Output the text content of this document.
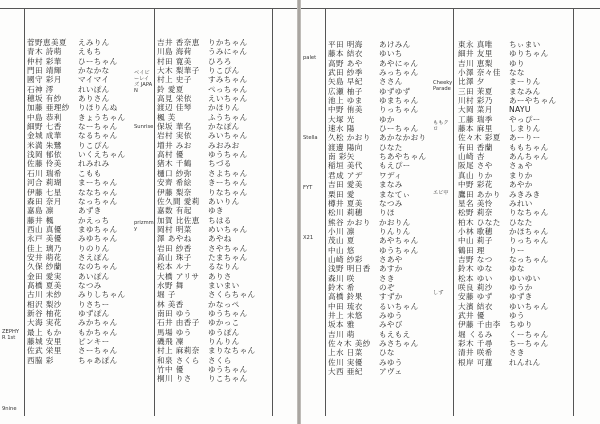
菅野恵美夏	えみりん
青木 詩萌	えもち
仲村 彩華	ひーちゃん
門田 靖輝	かなかな
國守 彩月	マイマイ
石神 澪	れいぽん
穂坂 有紗	ありさん
加藤 亜理紗	りほりんぬ
中島 恭利	きょうちゃん
細野 七香	なーちゃん
金城 成華	なるちゃん
米満 朱鷺	りこぴん
浅岡 郁依	いくえちゃん
佐藤 伶美	れみれみ
石川 瑞希	こもも
河合 莉瑚	まーちゃん
伊藤 七星	ななちゃん
森田 奈月	なっちゃん
嘉島 凛	あずき
藤井 楓	かえっち
西山 真優	まゆちゃん
永戸 美優	みゆちゃん
佳上 璃乃	りのりん
安井 萌花	さえぽん
久保 紗蘭	なのちゃん
金田 愛実	あいぽん
髙橋 夏美	なつみ
古川 未紗	みりしちゃん
相沢 梨沙	りさちー
新谷 柚花	ゆずぽん
大海 実花	みかちゃん
最上 もか	もかちゃん
藤城 安里	ピンキー
佐武 栄里	さーちゃん
西脇 彩	ちゃあぽん
吉井 香奈恵	りかちゃん
川島 海荷	うみにゃん
村田 寛美	ひろろ
大木 梨華子	りこぴん
村上 史子	すみちゃん
鈴 愛夏	ぺっちゃん
高見 栄依	えいちゃん
渡辺 佳琴	かほりん
楓 芙	ふうちゃん
保坂 華名	かなぽん
岩村 実依	みいちゃん
増井 みお	みおみお
高村 優	ゆうちゃん
猪木 千鶴	ちづる
樋口 紗弥	さよちゃん
安齊 希絵	きーちゃん
伊藤 梨奈	りなちゃん
佐久間 愛莉	あいりん
嘉数 有起	ゆき
加賀 比佐恵	ちはる
岡村 明菜	めいちゃん
澤 あやね	あやね
岩田 紗香	さやちゃん
高山 珠子	たまちゃん
松本 ルナ	るなりん
大橋 アリサ	ありさ
水野 舞	まいまい
堀 子	さくらちゃん
林 美香	かなっぺ
南田 ゆう	ゆうちゃん
石井 由香子	ゆかっこ
馬場 ゆう	ゆうぽん
磯飛 凜	りんりん
村上 麻莉奈	まりなちゃん
和泉 さくら	さくら
竹中 優	ゆうちゃん
桐川 りさ	りこちゃん
ZEPHYR 1st
9nine
ベイビーレイズ JAPAN
Sunrise
prizmmy
平田 明海	あけみん
藤本 結衣	ゆいち
高野 あや	あやにゃん
武田 紗季	みっちゃん
矢島 早紀	ささん
広瀬 柚子	ゆずゆず
池上 ゆま	ゆまちゃん
中野 侑美	りっちゃん
大塚 光	ゆか
速水 陽	ひーちゃん
久松 かおり	あかなかおり
渡邊 陽向	ひなた
南 彩矢	ちあやちゃん
稲垣 美代	もえぴー
君成 アデ	ワディ
吉田 愛美	まなみ
栗田 愛	まなてぃ
樽井 夏美	なつみ
松川 莉穂	りほ
熊谷 かおり	かおりん
小川 凛	りんりん
茂山 夏	あやちゃん
中山 悠	ゆうちゃん
山崎 紗彩	さあや
浅野 明日香	あすか
森川 咲	さき
鈴木 希	のぞ
高橋 鈴果	すずか
中田 琉衣	るいちゃん
井上 未悠	みゆう
坂本 雅	みやび
吉川 萌	もえもえ
佐々木 美紗	みさちゃん
上水 日菜	ひな
佐川 実優	みゆう
大西 亜紀	アヴェ
東永 真唯	ちぃまい
細井 友里	ゆりちゃん
吉川 恵梨	ゆり
小澤 奈々佳	なな
比澤 夕	まーりん
三田 茉夏	まなみん
川村 彩乃	あーやちゃん
大岡 菜月	NAYU
工藤 瑞季	やっぴー
藤本 麻里	しまりん
佐々木 彩夏	あーりー
有田 香蘭	ももちゃん
山崎 杏	あんちゃん
阪尾 さや	さぁや
真山 りか	まりか
中野 彩花	あやか
鷹田 あかり	みきみき
星名 美怜	みれい
松野 莉奈	りなちゃん
柏木 ひなた	ひなた
小林 歌穂	かほちゃん
中山 莉子	りっちゃん
鶴田 理	りー
吉野 なつ	なっちゃん
鈴木 ゆな	ゆな
松本 ゆい	ゆいゆい
咲良 莉沙	ゆうか
安藤 ゆず	ゆずき
大濱 結衣	ゆいちゃん
武井 優	ゆう
伊藤 千由李	ちゆり
堀 くるみ	くーちゃん
彩木 千尋	ちーちゃん
清井 咲希	さき
根岸 可蓮	れんれん
palet
Stella
FYT
X21
Cheeky Parade
ももクロ
エビ中
しず
